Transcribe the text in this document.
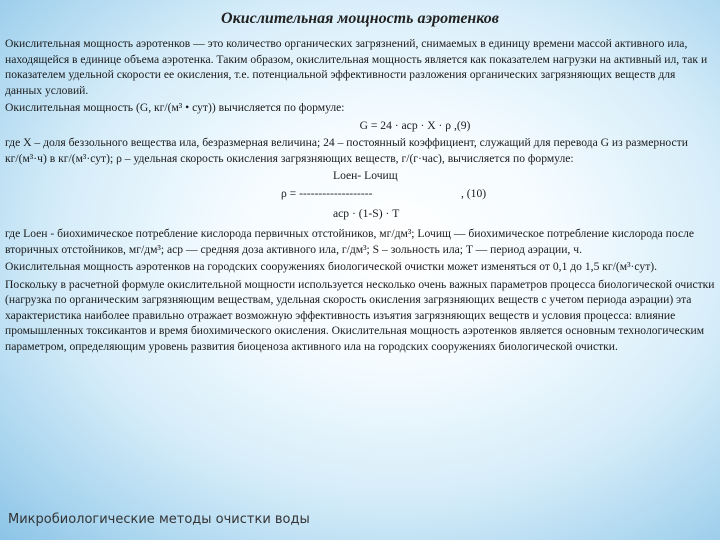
Окислительная мощность аэротенков

Окислительная мощность аэротенков — это количество органических загрязнений, снимаемых в единицу времени массой активного ила, находящейся в единице объема аэротенка. Таким образом, окислительная мощность является как показателем нагрузки на активный ил, так и показателем удельной скорости ее окисления, т.е. потенциальной эффективности разложения органических загрязняющих веществ для данных условий.

Окислительная мощность (G, кг/(м³ • сут)) вычисляется по формуле:

G = 24 · aср · X · ρ ,(9)

где X – доля беззольного вещества ила, безразмерная величина; 24 – постоянный коэффициент, служащий для перевода G из размерности кг/(м³·ч) в кг/(м³·сут); ρ – удельная скорость окисления загрязняющих веществ, г/(г·час), вычисляется по формуле:

Lоен- Lочищ
ρ = -------------------
aср · (1-S) · T
, (10)

где Lоен - биохимическое потребление кислорода первичных отстойников, мг/дм³; Lочищ — биохимическое потребление кислорода после вторичных отстойников, мг/дм³; aср — средняя доза активного ила, г/дм³; S – зольность ила; T — период аэрации, ч.

Окислительная мощность аэротенков на городских сооружениях биологической очистки может изменяться от 0,1 до 1,5 кг/(м³·сут).

Поскольку в расчетной формуле окислительной мощности используется несколько очень важных параметров процесса биологической очистки (нагрузка по органическим загрязняющим веществам, удельная скорость окисления загрязняющих веществ с учетом периода аэрации) эта характеристика наиболее правильно отражает возможную эффективность изъятия загрязняющих веществ и условия процесса: влияние промышленных токсикантов и время биохимического окисления. Окислительная мощность аэротенков является основным технологическим параметром, определяющим уровень развития биоценоза активного ила на городских сооружениях биологической очистки.

Микробиологические методы очистки воды
